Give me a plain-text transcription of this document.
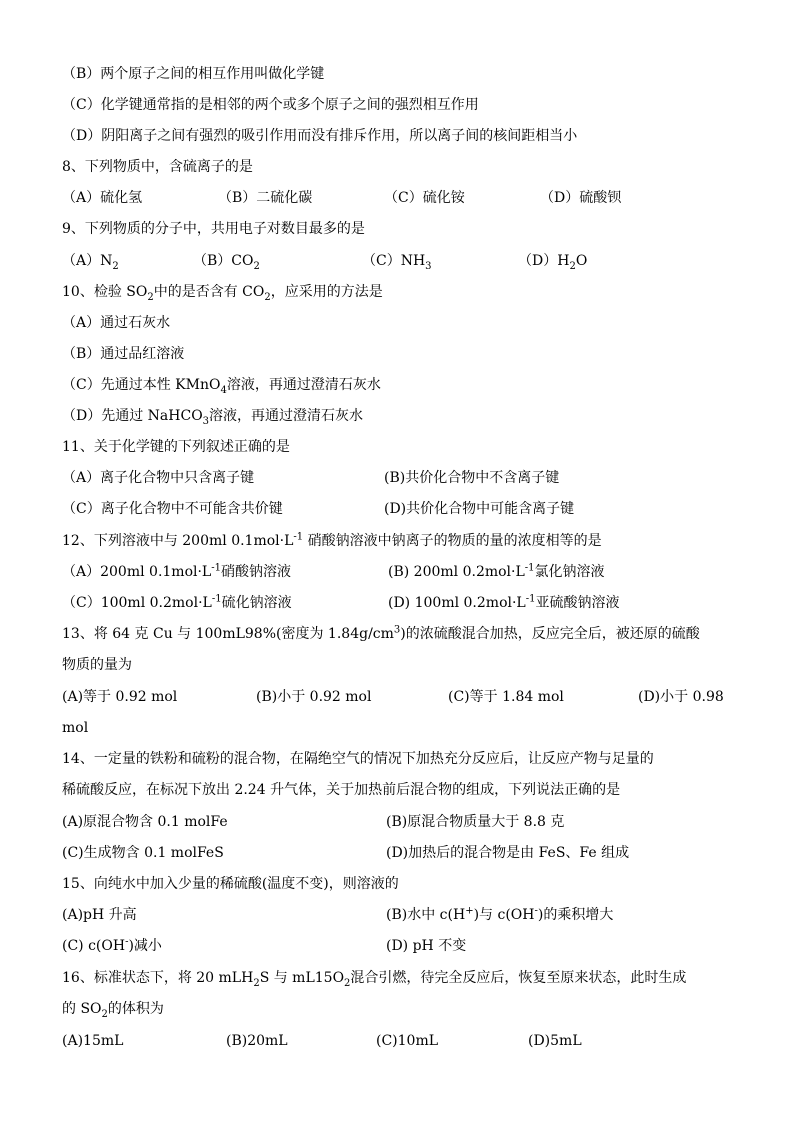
（B）两个原子之间的相互作用叫做化学键
（C）化学键通常指的是相邻的两个或多个原子之间的强烈相互作用
（D）阴阳离子之间有强烈的吸引作用而没有排斥作用，所以离子间的核间距相当小
8、下列物质中，含硫离子的是
（A）硫化氢	（B）二硫化碳	（C）硫化铵	（D）硫酸钡
9、下列物质的分子中，共用电子对数目最多的是
$(A)N_2$	$(B)CO_2$	$(C)NH_3$	$(D)H_2O$
10、检验 $SO_2$中的是否含有 $CO_2$，应采用的方法是
（A）通过石灰水
（B）通过品红溶液
（C）先通过本性 KMnO$_4$溶液，再通过澄清石灰水
（D）先通过 NaHCO$_3$溶液，再通过澄清石灰水
11、关于化学键的下列叙述正确的是
（A）离子化合物中只含离子键	(B)共价化合物中不含离子键
（C）离子化合物中不可能含共价键	(D)共价化合物中可能含离子键
12、下列溶液中与 200ml $0.1mol\cdot L^{-1}$ 硝酸钠溶液中钠离子的物质的量的浓度相等的是
（A）200ml $0.1mol\cdot L^{-1}$硝酸钠溶液	(B) 200ml $0.2mol\cdot L^{-1}$氯化钠溶液
（C）100ml $0.2mol\cdot L^{-1}$硫化钠溶液	(D) 100ml $0.2mol\cdot L^{-1}$亚硫酸钠溶液
13、将 64 克 Cu 与 100mL98%(密度为 $1.84g/cm^3$)的浓硫酸混合加热，反应完全后，被还原的硫酸
物质的量为
(A)等于 0.92 mol	(B)小于 0.92 mol	(C)等于 1.84 mol	(D)小于 0.98
mol
14、一定量的铁粉和硫粉的混合物，在隔绝空气的情况下加热充分反应后，让反应产物与足量的
稀硫酸反应，在标况下放出 2.24 升气体，关于加热前后混合物的组成，下列说法正确的是
(A)原混合物含 0.1 molFe	(B)原混合物质量大于 8.8 克
(C)生成物含 0.1 molFeS	(D)加热后的混合物是由 FeS、Fe 组成
15、向纯水中加入少量的稀硫酸(温度不变)，则溶液的
(A)pH 升高	(B)水中 c(H+)与 c(OH-)的乘积增大
(C) c(OH-)减小	(D) pH 不变
16、标准状态下，将 20 mLH$_2$S 与 $mL15O_2$混合引燃，待完全反应后，恢复至原来状态，此时生成
的 $SO_2$的体积为
(A)15mL	(B)20mL	(C)10mL	(D)5mL
